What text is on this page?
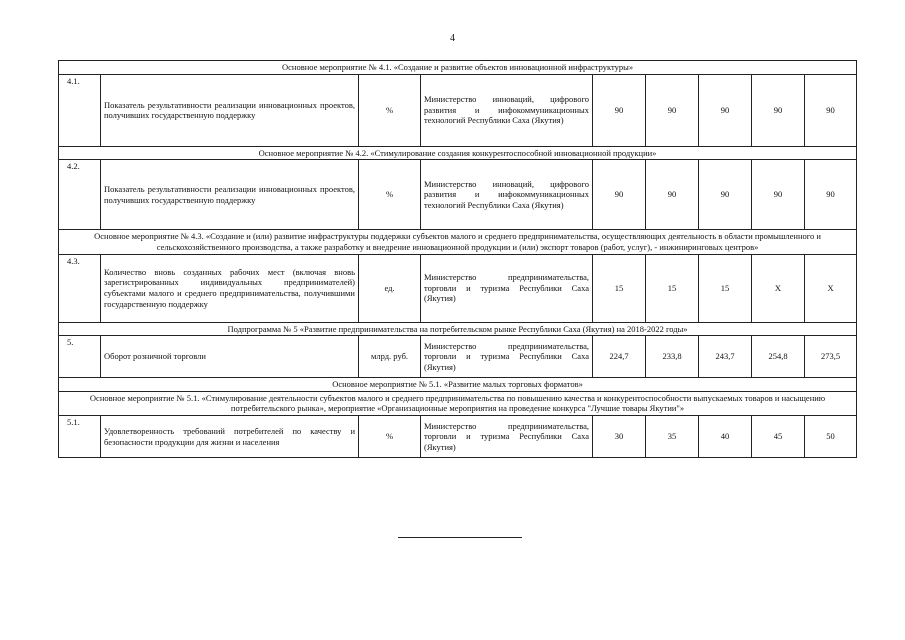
4
Основное мероприятие № 4.1. «Создание и развитие объектов инновационной инфраструктуры»								
4.1.	Показатель результативности реализации инновационных проектов, получивших государственную поддержку	%	Министерство инноваций, цифрового развития и инфокоммуникационных технологий Республики Саха (Якутия)	90	90	90	90	90
Основное мероприятие № 4.2. «Стимулирование создания конкурентоспособной инновационной продукции»								
4.2.	Показатель результативности реализации инновационных проектов, получивших государственную поддержку	%	Министерство инноваций, цифрового развития и инфокоммуникационных технологий Республики Саха (Якутия)	90	90	90	90	90
Основное мероприятие № 4.3. «Создание и (или) развитие инфраструктуры поддержки субъектов малого и среднего предпринимательства, осуществляющих деятельность в области промышленного и сельскохозяйственного производства, а также разработку и внедрение инновационной продукции и (или) экспорт товаров (работ, услуг), - инжиниринговых центров»								
4.3.	Количество вновь созданных рабочих мест (включая вновь зарегистрированных индивидуальных предпринимателей) субъектами малого и среднего предпринимательства, получившими государственную поддержку	ед.	Министерство предпринимательства, торговли и туризма Республики Саха (Якутия)	15	15	15	X	X
Подпрограмма № 5 «Развитие предпринимательства на потребительском рынке Республики Саха (Якутия) на 2018-2022 годы»								
5.	Оборот розничной торговли	млрд. руб.	Министерство предпринимательства, торговли и туризма Республики Саха (Якутия)	224,7	233,8	243,7	254,8	273,5
Основное мероприятие № 5.1. «Развитие малых торговых форматов»								
Основное мероприятие № 5.1. «Стимулирование деятельности субъектов малого и среднего предпринимательства по повышению качества и конкурентоспособности выпускаемых товаров и насыщению потребительского рынка», мероприятие «Организационные мероприятия на проведение конкурса "Лучшие товары Якутии"»								
5.1.	Удовлетворенность требований потребителей по качеству и безопасности продукции для жизни и населения	%	Министерство предпринимательства, торговли и туризма Республики Саха (Якутия)	30	35	40	45	50
